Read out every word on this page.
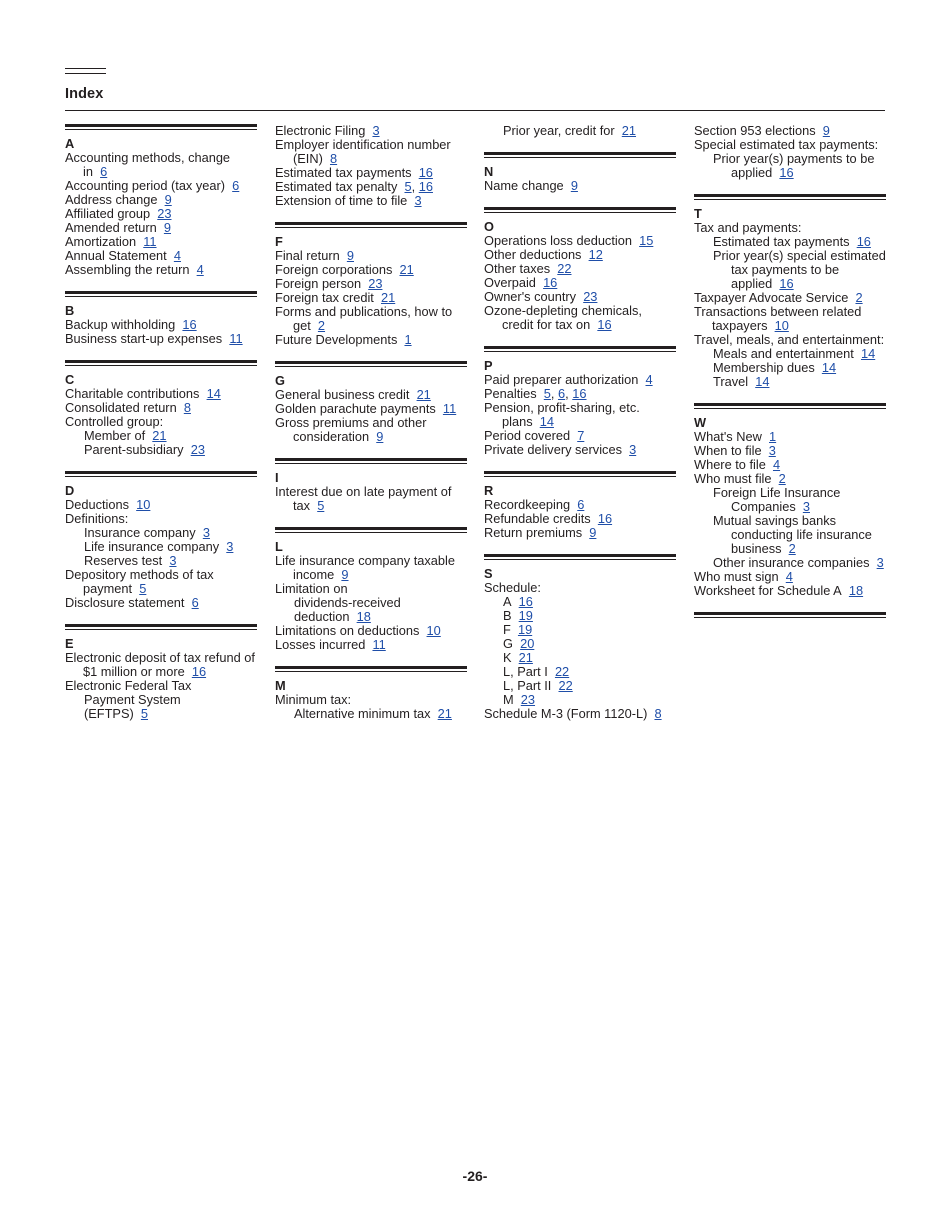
Index
A
Accounting methods, change in 6
Accounting period (tax year) 6
Address change 9
Affiliated group 23
Amended return 9
Amortization 11
Annual Statement 4
Assembling the return 4
B
Backup withholding 16
Business start-up expenses 11
C
Charitable contributions 14
Consolidated return 8
Controlled group:
Member of 21
Parent-subsidiary 23
D
Deductions 10
Definitions:
Insurance company 3
Life insurance company 3
Reserves test 3
Depository methods of tax payment 5
Disclosure statement 6
E
Electronic deposit of tax refund of $1 million or more 16
Electronic Federal Tax
Payment System
(EFTPS) 5
Electronic Filing 3
Employer identification number (EIN) 8
Estimated tax payments 16
Estimated tax penalty 5, 16
Extension of time to file 3
F
Final return 9
Foreign corporations 21
Foreign person 23
Foreign tax credit 21
Forms and publications, how to get 2
Future Developments 1
G
General business credit 21
Golden parachute payments 11
Gross premiums and other consideration 9
I
Interest due on late payment of tax 5
L
Life insurance company taxable income 9
Limitation on
dividends-received
deduction 18
Limitations on deductions 10
Losses incurred 11
M
Minimum tax:
Alternative minimum tax 21
Prior year, credit for 21
N
Name change 9
O
Operations loss deduction 15
Other deductions 12
Other taxes 22
Overpaid 16
Owner's country 23
Ozone-depleting chemicals, credit for tax on 16
P
Paid preparer authorization 4
Penalties 5, 6, 16
Pension, profit-sharing, etc. plans 14
Period covered 7
Private delivery services 3
R
Recordkeeping 6
Refundable credits 16
Return premiums 9
S
Schedule:
A 16
B 19
F 19
G 20
K 21
L, Part I 22
L, Part II 22
M 23
Schedule M-3 (Form 1120-L) 8
Section 953 elections 9
Special estimated tax payments:
Prior year(s) payments to be applied 16
T
Tax and payments:
Estimated tax payments 16
Prior year(s) special estimated tax payments to be applied 16
Taxpayer Advocate Service 2
Transactions between related taxpayers 10
Travel, meals, and entertainment:
Meals and entertainment 14
Membership dues 14
Travel 14
W
What's New 1
When to file 3
Where to file 4
Who must file 2
Foreign Life Insurance Companies 3
Mutual savings banks conducting life insurance business 2
Other insurance companies 3
Who must sign 4
Worksheet for Schedule A 18
-26-
